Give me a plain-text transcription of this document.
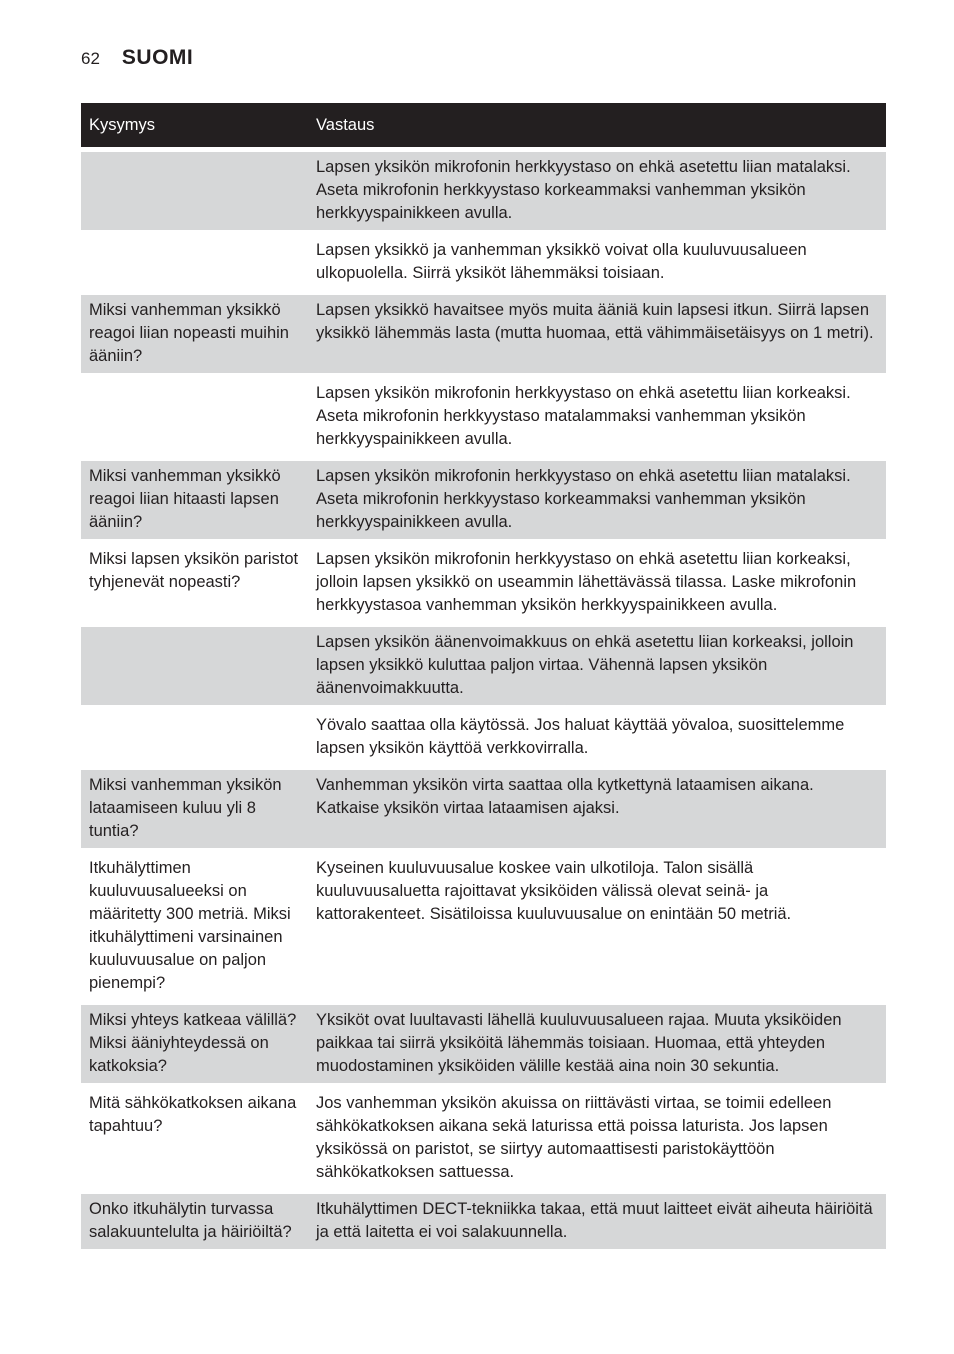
62 SUOMI
Kysymys	Vastaus
	Lapsen yksikön mikrofonin herkkyystaso on ehkä asetettu liian matalaksi. Aseta mikrofonin herkkyystaso korkeammaksi vanhemman yksikön herkkyyspainikkeen avulla.
	Lapsen yksikkö ja vanhemman yksikkö voivat olla kuuluvuusalueen ulkopuolella. Siirrä yksiköt lähemmäksi toisiaan.
Miksi vanhemman yksikkö reagoi liian nopeasti muihin ääniin?	Lapsen yksikkö havaitsee myös muita ääniä kuin lapsesi itkun. Siirrä lapsen yksikkö lähemmäs lasta (mutta huomaa, että vähimmäisetäisyys on 1 metri).
	Lapsen yksikön mikrofonin herkkyystaso on ehkä asetettu liian korkeaksi. Aseta mikrofonin herkkyystaso matalammaksi vanhemman yksikön herkkyyspainikkeen avulla.
Miksi vanhemman yksikkö reagoi liian hitaasti lapsen ääniin?	Lapsen yksikön mikrofonin herkkyystaso on ehkä asetettu liian matalaksi. Aseta mikrofonin herkkyystaso korkeammaksi vanhemman yksikön herkkyyspainikkeen avulla.
Miksi lapsen yksikön paristot tyhjenevät nopeasti?	Lapsen yksikön mikrofonin herkkyystaso on ehkä asetettu liian korkeaksi, jolloin lapsen yksikkö on useammin lähettävässä tilassa. Laske mikrofonin herkkyystasoa vanhemman yksikön herkkyyspainikkeen avulla.
	Lapsen yksikön äänenvoimakkuus on ehkä asetettu liian korkeaksi, jolloin lapsen yksikkö kuluttaa paljon virtaa. Vähennä lapsen yksikön äänenvoimakkuutta.
	Yövalo saattaa olla käytössä. Jos haluat käyttää yövaloa, suosittelemme lapsen yksikön käyttöä verkkovirralla.
Miksi vanhemman yksikön lataamiseen kuluu yli 8 tuntia?	Vanhemman yksikön virta saattaa olla kytkettynä lataamisen aikana. Katkaise yksikön virtaa lataamisen ajaksi.
Itkuhälyttimen kuuluvuusalueeksi on määritetty 300 metriä. Miksi itkuhälyttimeni varsinainen kuuluvuusalue on paljon pienempi?	Kyseinen kuuluvuusalue koskee vain ulkotiloja. Talon sisällä kuuluvuusaluetta rajoittavat yksiköiden välissä olevat seinä- ja kattorakenteet. Sisätiloissa kuuluvuusalue on enintään 50 metriä.
Miksi yhteys katkeaa välillä? Miksi ääniyhteydessä on katkoksia?	Yksiköt ovat luultavasti lähellä kuuluvuusalueen rajaa. Muuta yksiköiden paikkaa tai siirrä yksiköitä lähemmäs toisiaan. Huomaa, että yhteyden muodostaminen yksiköiden välille kestää aina noin 30 sekuntia.
Mitä sähkökatkoksen aikana tapahtuu?	Jos vanhemman yksikön akuissa on riittävästi virtaa, se toimii edelleen sähkökatkoksen aikana sekä laturissa että poissa laturista. Jos lapsen yksikössä on paristot, se siirtyy automaattisesti paristokäyttöön sähkökatkoksen sattuessa.
Onko itkuhälytin turvassa salakuuntelulta ja häiriöiltä?	Itkuhälyttimen DECT-tekniikka takaa, että muut laitteet eivät aiheuta häiriöitä ja että laitetta ei voi salakuunnella.
